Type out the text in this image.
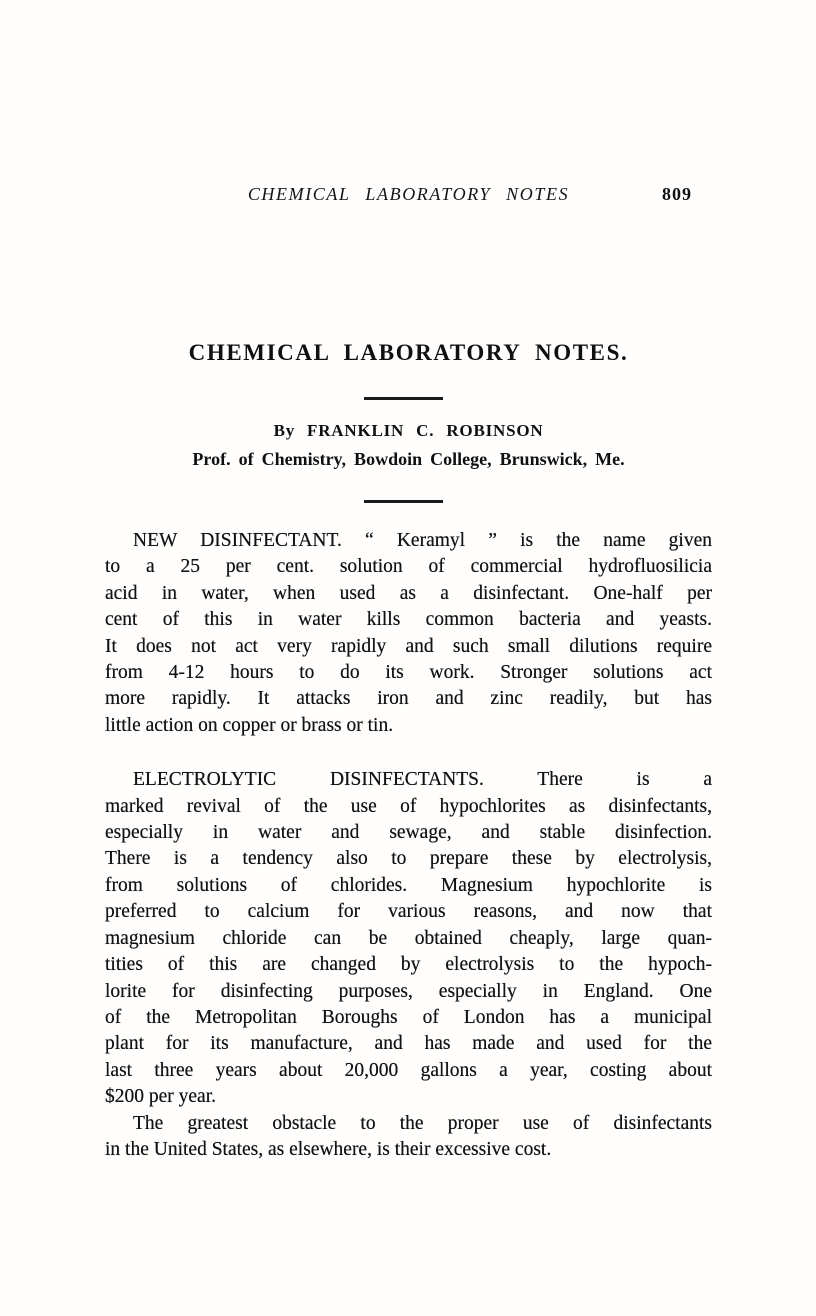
CHEMICAL LABORATORY NOTES	809
CHEMICAL LABORATORY NOTES.
By FRANKLIN C. ROBINSON
Prof. of Chemistry, Bowdoin College, Brunswick, Me.
NEW DISINFECTANT. “ Keramyl ” is the name given
to a 25 per cent. solution of commercial hydrofluosilicia
acid in water, when used as a disinfectant. One-half per
cent of this in water kills common bacteria and yeasts.
It does not act very rapidly and such small dilutions require
from 4-12 hours to do its work. Stronger solutions act
more rapidly. It attacks iron and zinc readily, but has
little action on copper or brass or tin.
ELECTROLYTIC DISINFECTANTS. There is a
marked revival of the use of hypochlorites as disinfectants,
especially in water and sewage, and stable disinfection.
There is a tendency also to prepare these by electrolysis,
from solutions of chlorides. Magnesium hypochlorite is
preferred to calcium for various reasons, and now that
magnesium chloride can be obtained cheaply, large quan-
tities of this are changed by electrolysis to the hypoch-
lorite for disinfecting purposes, especially in England. One
of the Metropolitan Boroughs of London has a municipal
plant for its manufacture, and has made and used for the
last three years about 20,000 gallons a year, costing about
$200 per year.
The greatest obstacle to the proper use of disinfectants
in the United States, as elsewhere, is their excessive cost.
